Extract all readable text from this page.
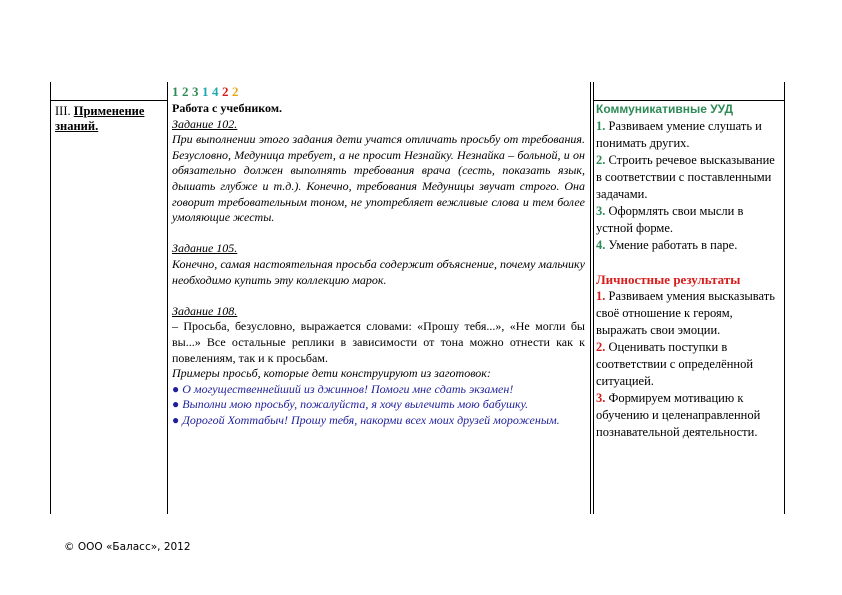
III. Применение знаний.
1 2 3 1 4 2 2

Работа с учебником.

Задание 102.

При выполнении этого задания дети учатся отличать просьбу от требования. Безусловно, Медуница требует, а не просит Незнайку. Незнайка – больной, и он обязательно должен выполнять требования врача (сесть, показать язык, дышать глубже и т.д.). Конечно, требования Медуницы звучат строго. Она говорит требовательным тоном, не употребляет вежливые слова и тем более умоляющие жесты.

Задание 105.

Конечно, самая настоятельная просьба содержит объяснение, почему мальчику необходимо купить эту коллекцию марок.

Задание 108.

– Просьба, безусловно, выражается словами: «Прошу тебя...», «Не могли бы вы...» Все остальные реплики в зависимости от тона можно отнести как к повелениям, так и к просьбам.

Примеры просьб, которые дети конструируют из заготовок:

● О могущественнейший из джиннов! Помоги мне сдать экзамен!

● Выполни мою просьбу, пожалуйста, я хочу вылечить мою бабушку.

● Дорогой Хоттабыч! Прошу тебя, накорми всех моих друзей мороженым.

Коммуникативные УУД

1. Развиваем умение слушать и понимать других.

2. Строить речевое высказывание в соответствии с поставленными задачами.

3. Оформлять свои мысли в устной форме.

4. Умение работать в паре.

Личностные результаты

1. Развиваем умения высказывать своё отношение к героям, выражать свои эмоции.

2. Оценивать поступки в соответствии с определённой ситуацией.

3. Формируем мотивацию к обучению и целенаправленной познавательной деятельности.

© ООО «Баласс», 2012
